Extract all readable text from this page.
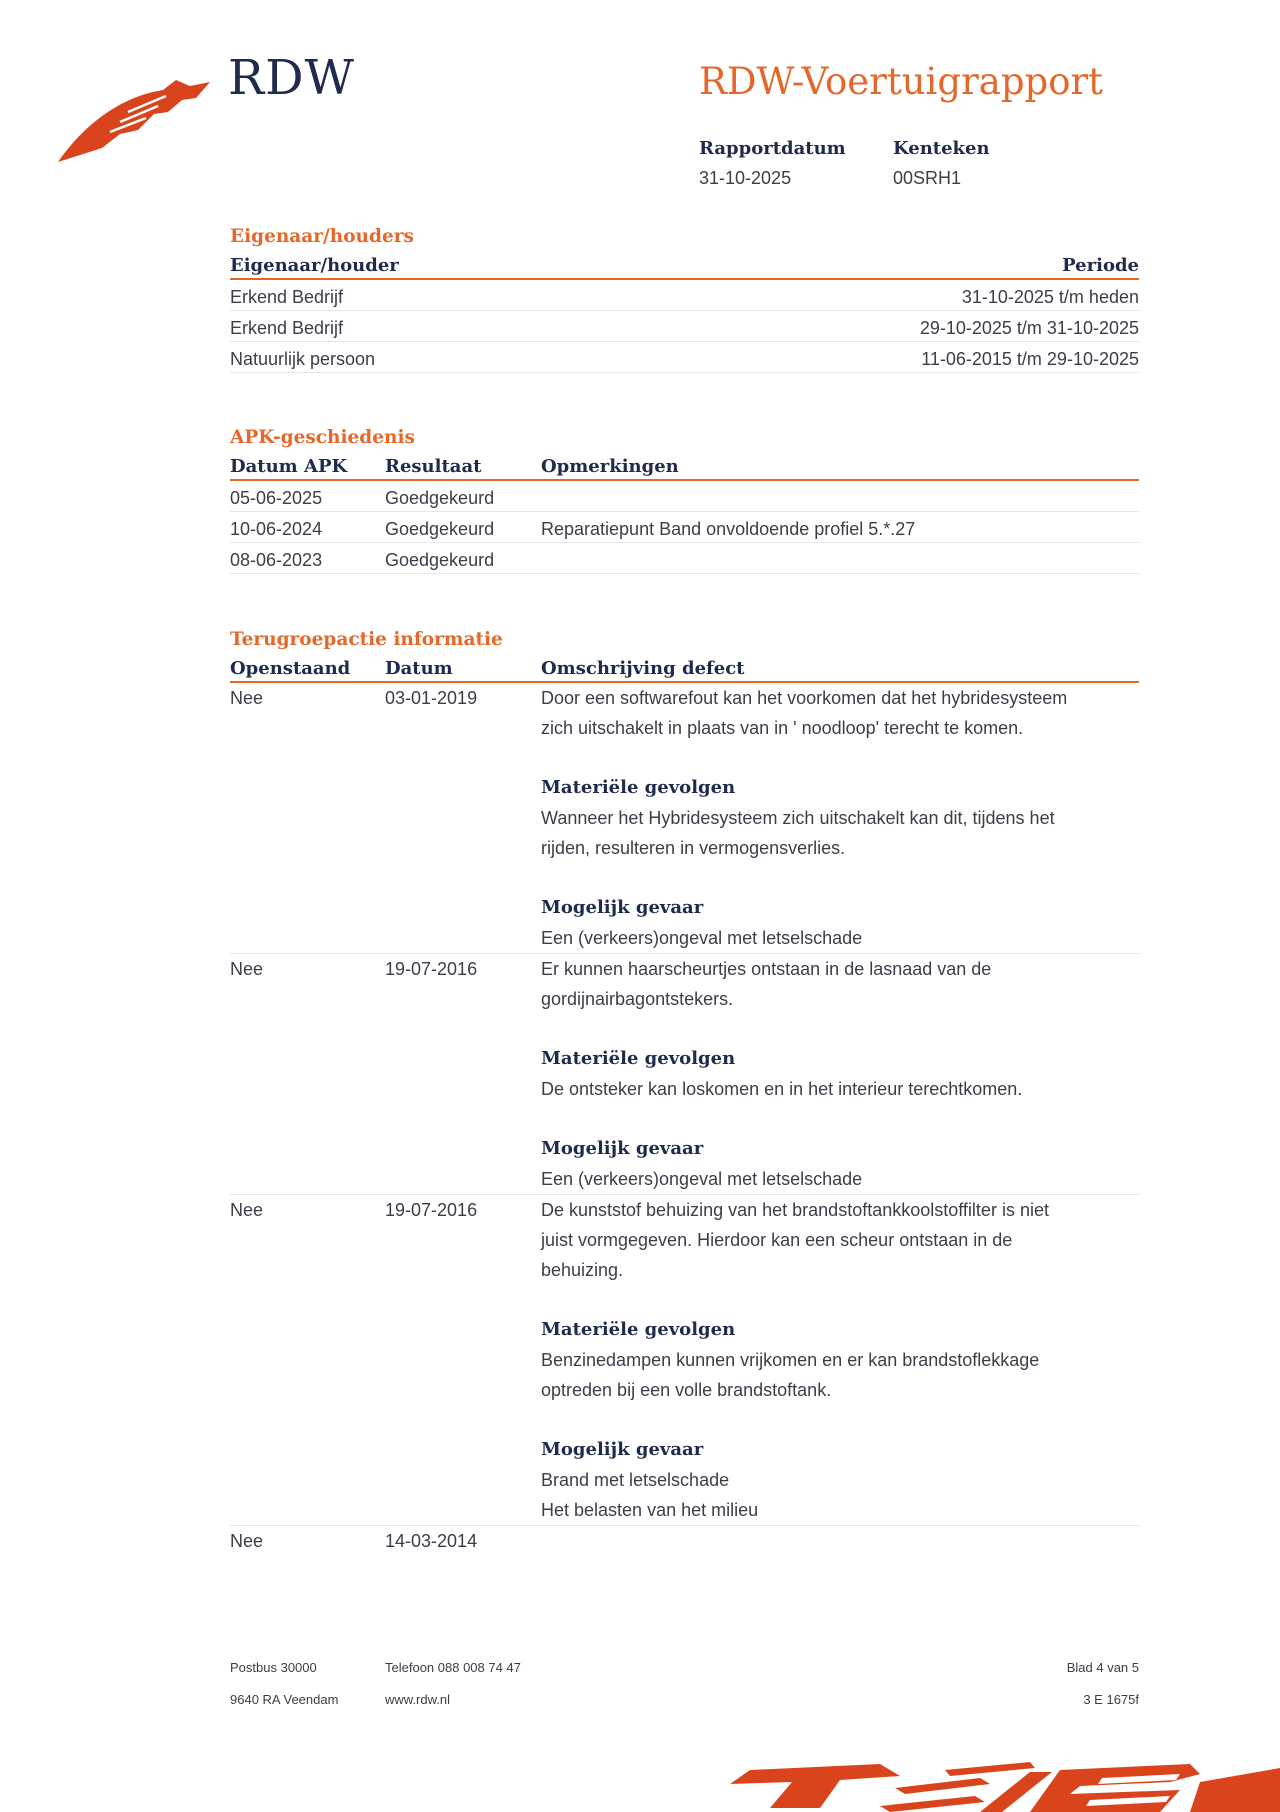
RDW	RDW-Voertuigrapport
Rapportdatum
31-10-2025
Kenteken
00SRH1
Eigenaar/houders
Eigenaar/houder	Periode
Erkend Bedrijf	31-10-2025 t/m heden
Erkend Bedrijf	29-10-2025 t/m 31-10-2025
Natuurlijk persoon	11-06-2015 t/m 29-10-2025
APK-geschiedenis
Datum APK	Resultaat	Opmerkingen
05-06-2025	Goedgekeurd
10-06-2024	Goedgekeurd	Reparatiepunt Band onvoldoende profiel 5.*.27
08-06-2023	Goedgekeurd
Terugroepactie informatie
Openstaand	Datum	Omschrijving defect
Nee	03-01-2019	Door een softwarefout kan het voorkomen dat het hybridesysteem
zich uitschakelt in plaats van in ' noodloop' terecht te komen.
Materiële gevolgen
Wanneer het Hybridesysteem zich uitschakelt kan dit, tijdens het
rijden, resulteren in vermogensverlies.
Mogelijk gevaar
Een (verkeers)ongeval met letselschade
Nee	19-07-2016	Er kunnen haarscheurtjes ontstaan in de lasnaad van de
gordijnairbagontstekers.
Materiële gevolgen
De ontsteker kan loskomen en in het interieur terechtkomen.
Mogelijk gevaar
Een (verkeers)ongeval met letselschade
Nee	19-07-2016	De kunststof behuizing van het brandstoftankkoolstoffilter is niet
juist vormgegeven. Hierdoor kan een scheur ontstaan in de
behuizing.
Materiële gevolgen
Benzinedampen kunnen vrijkomen en er kan brandstoflekkage
optreden bij een volle brandstoftank.
Mogelijk gevaar
Brand met letselschade
Het belasten van het milieu
Nee	14-03-2014
Postbus 30000	Telefoon 088 008 74 47	Blad 4 van 5
9640 RA Veendam	www.rdw.nl	3 E 1675f
